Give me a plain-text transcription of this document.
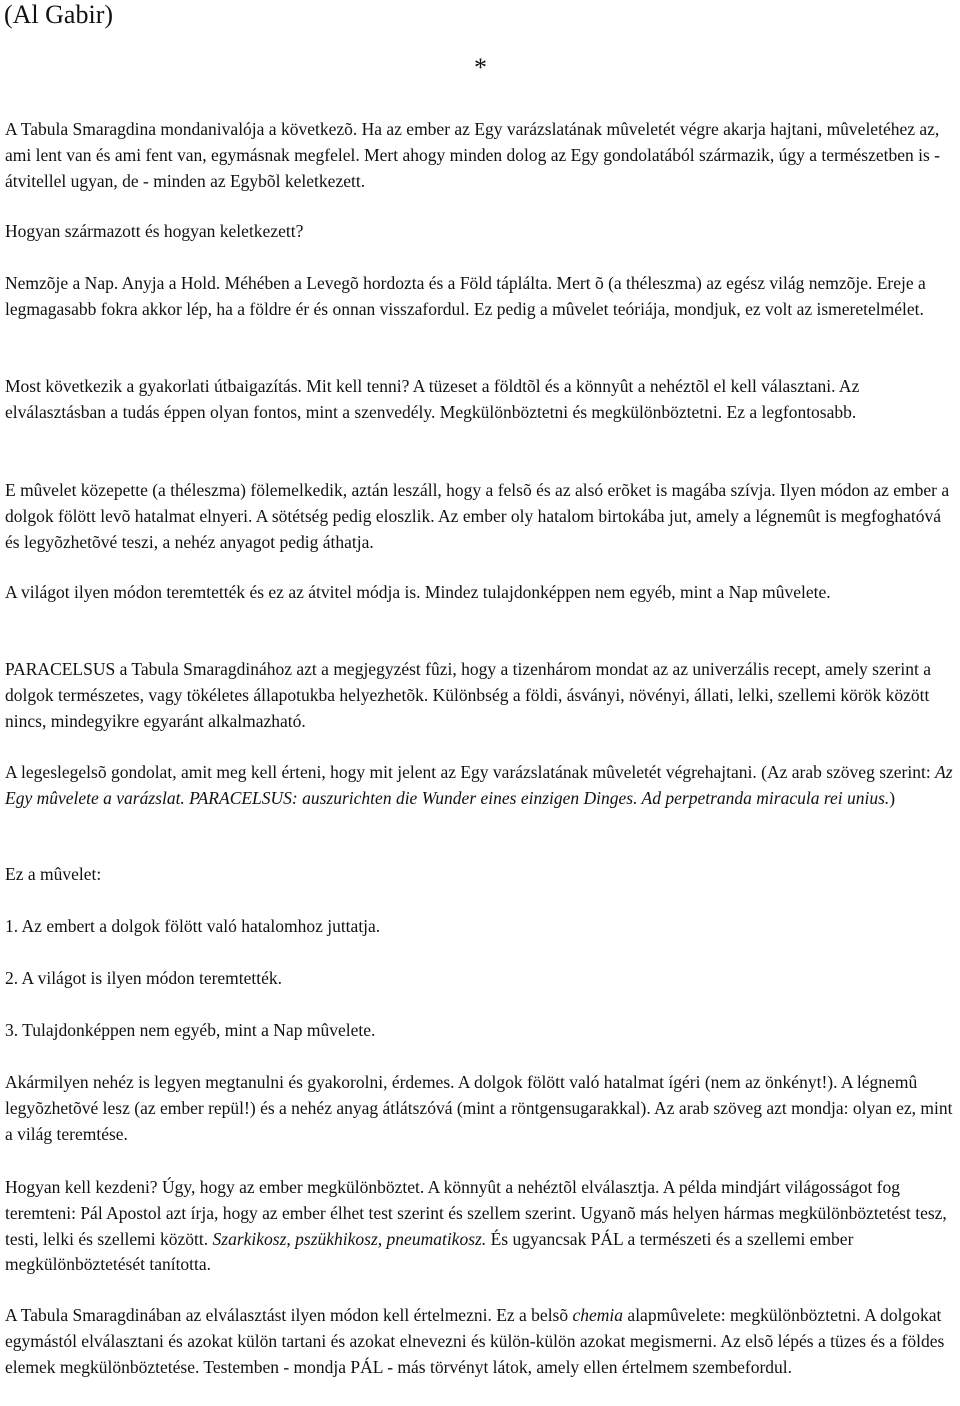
(Al Gabir)
*

A Tabula Smaragdina mondanivalója a következõ. Ha az ember az Egy varázslatának mûveletét végre akarja hajtani, mûveletéhez az, ami lent van és ami fent van, egymásnak megfelel. Mert ahogy minden dolog az Egy gondolatából származik, úgy a természetben is - átvitellel ugyan, de - minden az Egybõl keletkezett.

Hogyan származott és hogyan keletkezett?

Nemzõje a Nap. Anyja a Hold. Méhében a Levegõ hordozta és a Föld táplálta. Mert õ (a théleszma) az egész világ nemzõje. Ereje a legmagasabb fokra akkor lép, ha a földre ér és onnan visszafordul. Ez pedig a mûvelet teóriája, mondjuk, ez volt az ismeretelmélet.

Most következik a gyakorlati útbaigazítás. Mit kell tenni? A tüzeset a földtõl és a könnyût a nehéztõl el kell választani. Az elválasztásban a tudás éppen olyan fontos, mint a szenvedély. Megkülönböztetni és megkülönböztetni. Ez a legfontosabb.

E mûvelet közepette (a théleszma) fölemelkedik, aztán leszáll, hogy a felsõ és az alsó erõket is magába szívja. Ilyen módon az ember a dolgok fölött levõ hatalmat elnyeri. A sötétség pedig eloszlik. Az ember oly hatalom birtokába jut, amely a légnemût is megfoghatóvá és legyõzhetõvé teszi, a nehéz anyagot pedig áthatja.

A világot ilyen módon teremtették és ez az átvitel módja is. Mindez tulajdonképpen nem egyéb, mint a Nap mûvelete.

PARACELSUS a Tabula Smaragdinához azt a megjegyzést fûzi, hogy a tizenhárom mondat az az univerzális recept, amely szerint a dolgok természetes, vagy tökéletes állapotukba helyezhetõk. Különbség a földi, ásványi, növényi, állati, lelki, szellemi körök között nincs, mindegyikre egyaránt alkalmazható.

A legeslegelsõ gondolat, amit meg kell érteni, hogy mit jelent az Egy varázslatának mûveletét végrehajtani. (Az arab szöveg szerint: Az Egy mûvelete a varázslat. PARACELSUS: auszurichten die Wunder eines einzigen Dinges. Ad perpetranda miracula rei unius.)

Ez a mûvelet:

1. Az embert a dolgok fölött való hatalomhoz juttatja.

2. A világot is ilyen módon teremtették.

3. Tulajdonképpen nem egyéb, mint a Nap mûvelete.

Akármilyen nehéz is legyen megtanulni és gyakorolni, érdemes. A dolgok fölött való hatalmat ígéri (nem az önkényt!). A légnemû legyõzhetõvé lesz (az ember repül!) és a nehéz anyag átlátszóvá (mint a röntgensugarakkal). Az arab szöveg azt mondja: olyan ez, mint a világ teremtése.

Hogyan kell kezdeni? Úgy, hogy az ember megkülönböztet. A könnyût a nehéztõl elválasztja. A példa mindjárt világosságot fog teremteni: Pál Apostol azt írja, hogy az ember élhet test szerint és szellem szerint. Ugyanõ más helyen hármas megkülönböztetést tesz, testi, lelki és szellemi között. Szarkikosz, pszükhikosz, pneumatikosz. És ugyancsak PÁL a természeti és a szellemi ember megkülönböztetését tanította.

A Tabula Smaragdinában az elválasztást ilyen módon kell értelmezni. Ez a belsõ chemia alapmûvelete: megkülönböztetni. A dolgokat egymástól elválasztani és azokat külön tartani és azokat elnevezni és külön-külön azokat megismerni. Az elsõ lépés a tüzes és a földes elemek megkülönböztetése. Testemben - mondja PÁL - más törvényt látok, amely ellen értelmem szembefordul.
